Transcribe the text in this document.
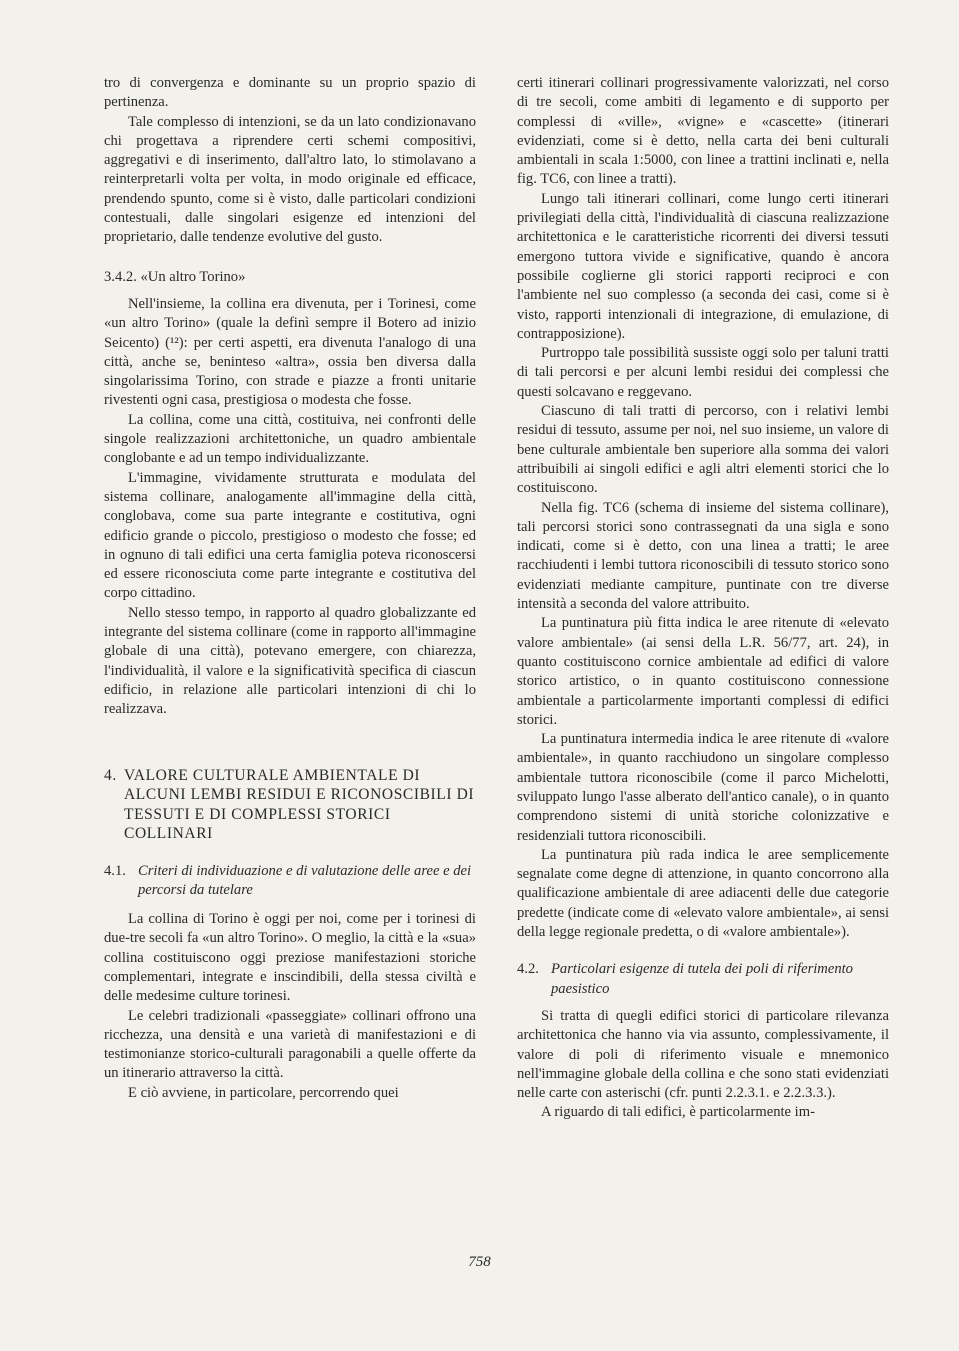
tro di convergenza e dominante su un proprio spazio di pertinenza.

Tale complesso di intenzioni, se da un lato condizionavano chi progettava a riprendere certi schemi compositivi, aggregativi e di inserimento, dall'altro lato, lo stimolavano a reinterpretarli volta per volta, in modo originale ed efficace, prendendo spunto, come si è visto, dalle particolari condizioni contestuali, dalle singolari esigenze ed intenzioni del proprietario, dalle tendenze evolutive del gusto.

3.4.2. «Un altro Torino»

Nell'insieme, la collina era divenuta, per i Torinesi, come «un altro Torino» (quale la definì sempre il Botero ad inizio Seicento) (¹²): per certi aspetti, era divenuta l'analogo di una città, anche se, beninteso «altra», ossia ben diversa dalla singolarissima Torino, con strade e piazze a fronti unitarie rivestenti ogni casa, prestigiosa o modesta che fosse.

La collina, come una città, costituiva, nei confronti delle singole realizzazioni architettoniche, un quadro ambientale conglobante e ad un tempo individualizzante.

L'immagine, vividamente strutturata e modulata del sistema collinare, analogamente all'immagine della città, conglobava, come sua parte integrante e costitutiva, ogni edificio grande o piccolo, prestigioso o modesto che fosse; ed in ognuno di tali edifici una certa famiglia poteva riconoscersi ed essere riconosciuta come parte integrante e costitutiva del corpo cittadino.

Nello stesso tempo, in rapporto al quadro globalizzante ed integrante del sistema collinare (come in rapporto all'immagine globale di una città), potevano emergere, con chiarezza, l'individualità, il valore e la significatività specifica di ciascun edificio, in relazione alle particolari intenzioni di chi lo realizzava.

4. VALORE CULTURALE AMBIENTALE DI ALCUNI LEMBI RESIDUI E RICONOSCIBILI DI TESSUTI E DI COMPLESSI STORICI COLLINARI

4.1. Criteri di individuazione e di valutazione delle aree e dei percorsi da tutelare

La collina di Torino è oggi per noi, come per i torinesi di due-tre secoli fa «un altro Torino». O meglio, la città e la «sua» collina costituiscono oggi preziose manifestazioni storiche complementari, integrate e inscindibili, della stessa civiltà e delle medesime culture torinesi.

Le celebri tradizionali «passeggiate» collinari offrono una ricchezza, una densità e una varietà di manifestazioni e di testimonianze storico-culturali paragonabili a quelle offerte da un itinerario attraverso la città.

E ciò avviene, in particolare, percorrendo quei

certi itinerari collinari progressivamente valorizzati, nel corso di tre secoli, come ambiti di legamento e di supporto per complessi di «ville», «vigne» e «cascette» (itinerari evidenziati, come si è detto, nella carta dei beni culturali ambientali in scala 1:5000, con linee a trattini inclinati e, nella fig. TC6, con linee a tratti).

Lungo tali itinerari collinari, come lungo certi itinerari privilegiati della città, l'individualità di ciascuna realizzazione architettonica e le caratteristiche ricorrenti dei diversi tessuti emergono tuttora vivide e significative, quando è ancora possibile coglierne gli storici rapporti reciproci e con l'ambiente nel suo complesso (a seconda dei casi, come si è visto, rapporti intenzionali di integrazione, di emulazione, di contrapposizione).

Purtroppo tale possibilità sussiste oggi solo per taluni tratti di tali percorsi e per alcuni lembi residui dei complessi che questi solcavano e reggevano.

Ciascuno di tali tratti di percorso, con i relativi lembi residui di tessuto, assume per noi, nel suo insieme, un valore di bene culturale ambientale ben superiore alla somma dei valori attribuibili ai singoli edifici e agli altri elementi storici che lo costituiscono.

Nella fig. TC6 (schema di insieme del sistema collinare), tali percorsi storici sono contrassegnati da una sigla e sono indicati, come si è detto, con una linea a tratti; le aree racchiudenti i lembi tuttora riconoscibili di tessuto storico sono evidenziati mediante campiture, puntinate con tre diverse intensità a seconda del valore attribuito.

La puntinatura più fitta indica le aree ritenute di «elevato valore ambientale» (ai sensi della L.R. 56/77, art. 24), in quanto costituiscono cornice ambientale ad edifici di valore storico artistico, o in quanto costituiscono connessione ambientale a particolarmente importanti complessi di edifici storici.

La puntinatura intermedia indica le aree ritenute di «valore ambientale», in quanto racchiudono un singolare complesso ambientale tuttora riconoscibile (come il parco Michelotti, sviluppato lungo l'asse alberato dell'antico canale), o in quanto comprendono sistemi di unità storiche colonizzative e residenziali tuttora riconoscibili.

La puntinatura più rada indica le aree semplicemente segnalate come degne di attenzione, in quanto concorrono alla qualificazione ambientale di aree adiacenti delle due categorie predette (indicate come di «elevato valore ambientale», ai sensi della legge regionale predetta, o di «valore ambientale»).

4.2. Particolari esigenze di tutela dei poli di riferimento paesistico

Si tratta di quegli edifici storici di particolare rilevanza architettonica che hanno via via assunto, complessivamente, il valore di poli di riferimento visuale e mnemonico nell'immagine globale della collina e che sono stati evidenziati nelle carte con asterischi (cfr. punti 2.2.3.1. e 2.2.3.3.).

A riguardo di tali edifici, è particolarmente im-

758
